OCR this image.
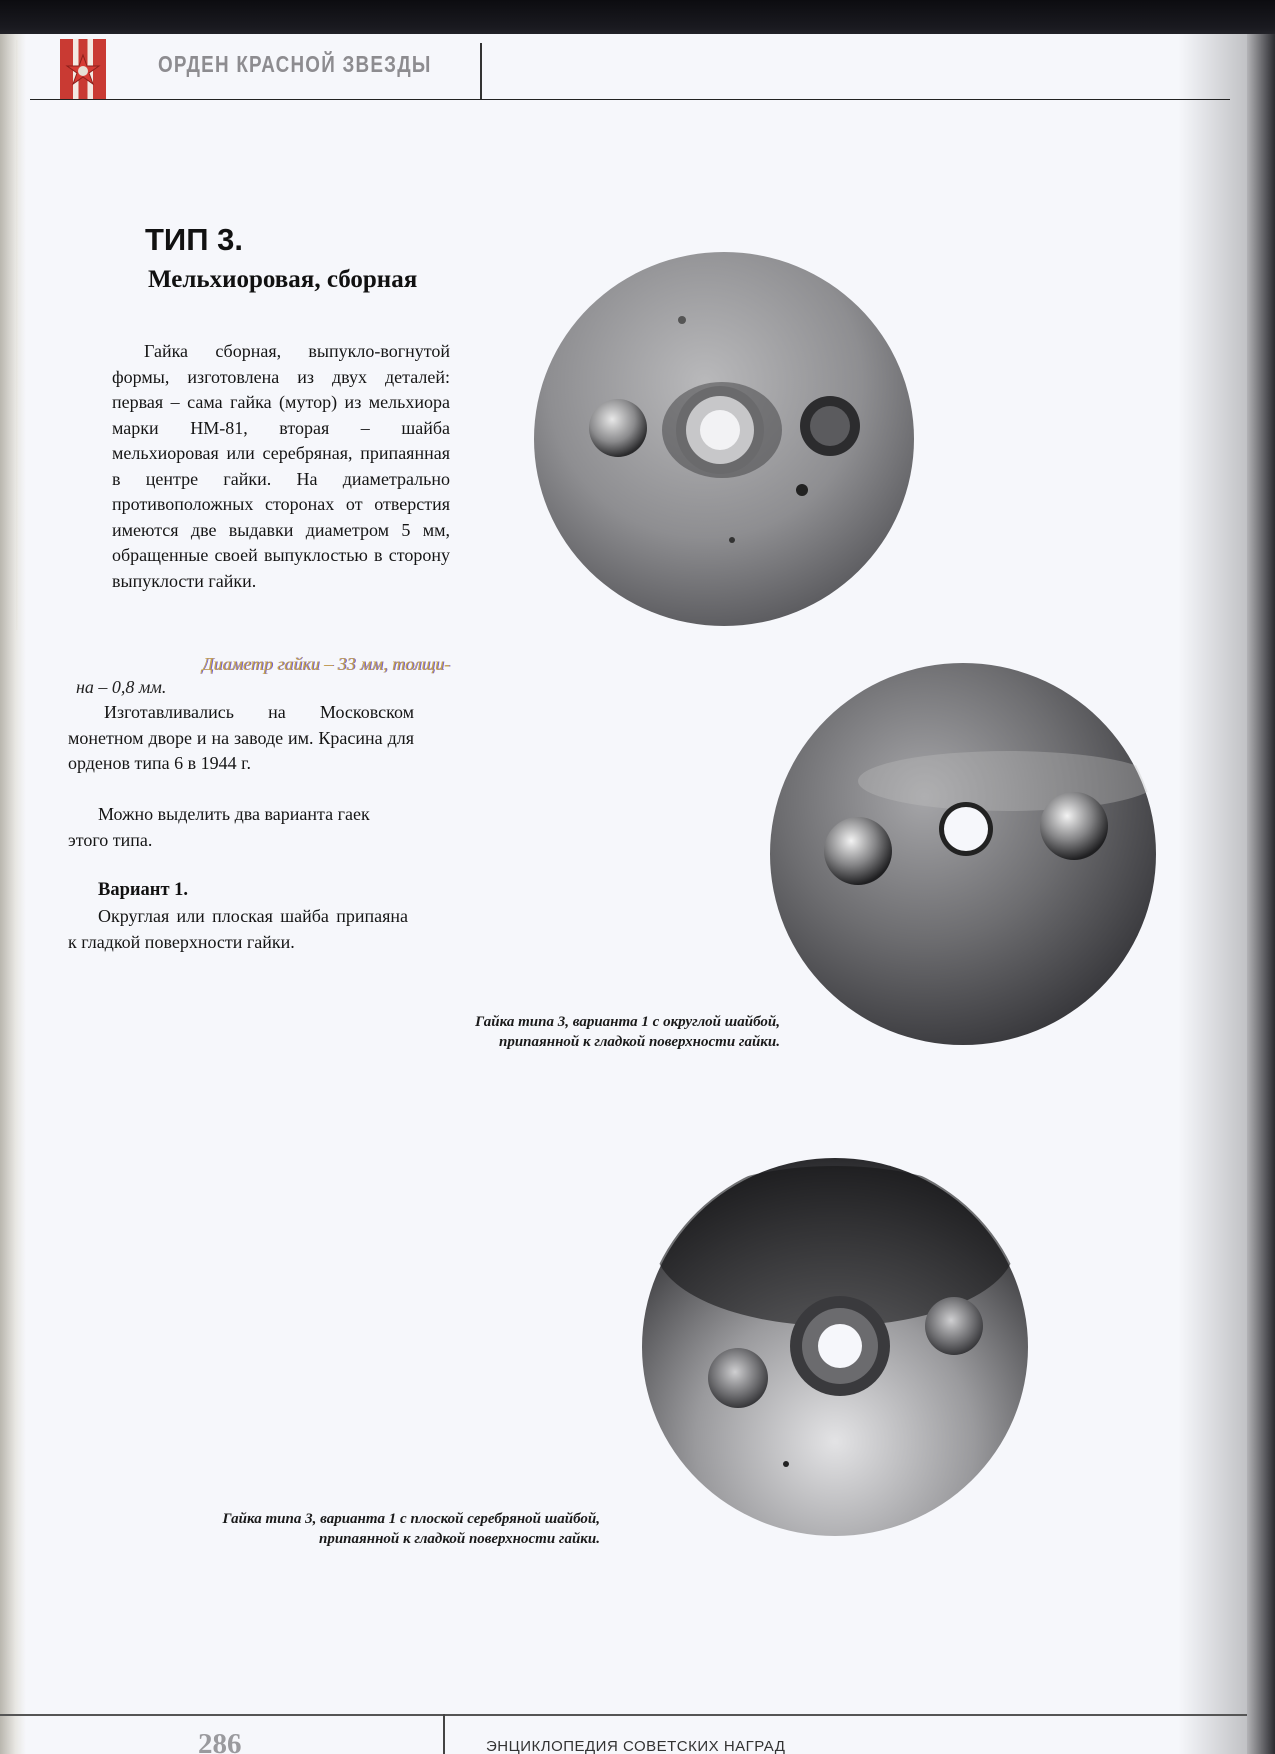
ОРДЕН КРАСНОЙ ЗВЕЗДЫ
ТИП 3.
Мельхиоровая, сборная
Гайка сборная, выпукло-вогнутой формы, изготовлена из двух деталей: первая – сама гайка (мутор) из мельхиора марки НМ-81, вторая – шайба мельхиоровая или серебряная, припаянная в центре гайки. На диаметрально противоположных сторонах от отверстия имеются две выдавки диаметром 5 мм, обращенные своей выпуклостью в сторону выпуклости гайки.
Диаметр гайки – 33 мм, толщи-
на – 0,8 мм.
Изготавливались на Московском монетном дворе и на заводе им. Красина для орденов типа 6 в 1944 г.
Можно выделить два варианта гаек этого типа.
Вариант 1.
Округлая или плоская шайба припаяна к гладкой поверхности гайки.
Гайка типа 3, варианта 1 с округлой шайбой,
припаянной к гладкой поверхности гайки.
Гайка типа 3, варианта 1 с плоской серебряной шайбой,
припаянной к гладкой поверхности гайки.
286	ЭНЦИКЛОПЕДИЯ СОВЕТСКИХ НАГРАД
